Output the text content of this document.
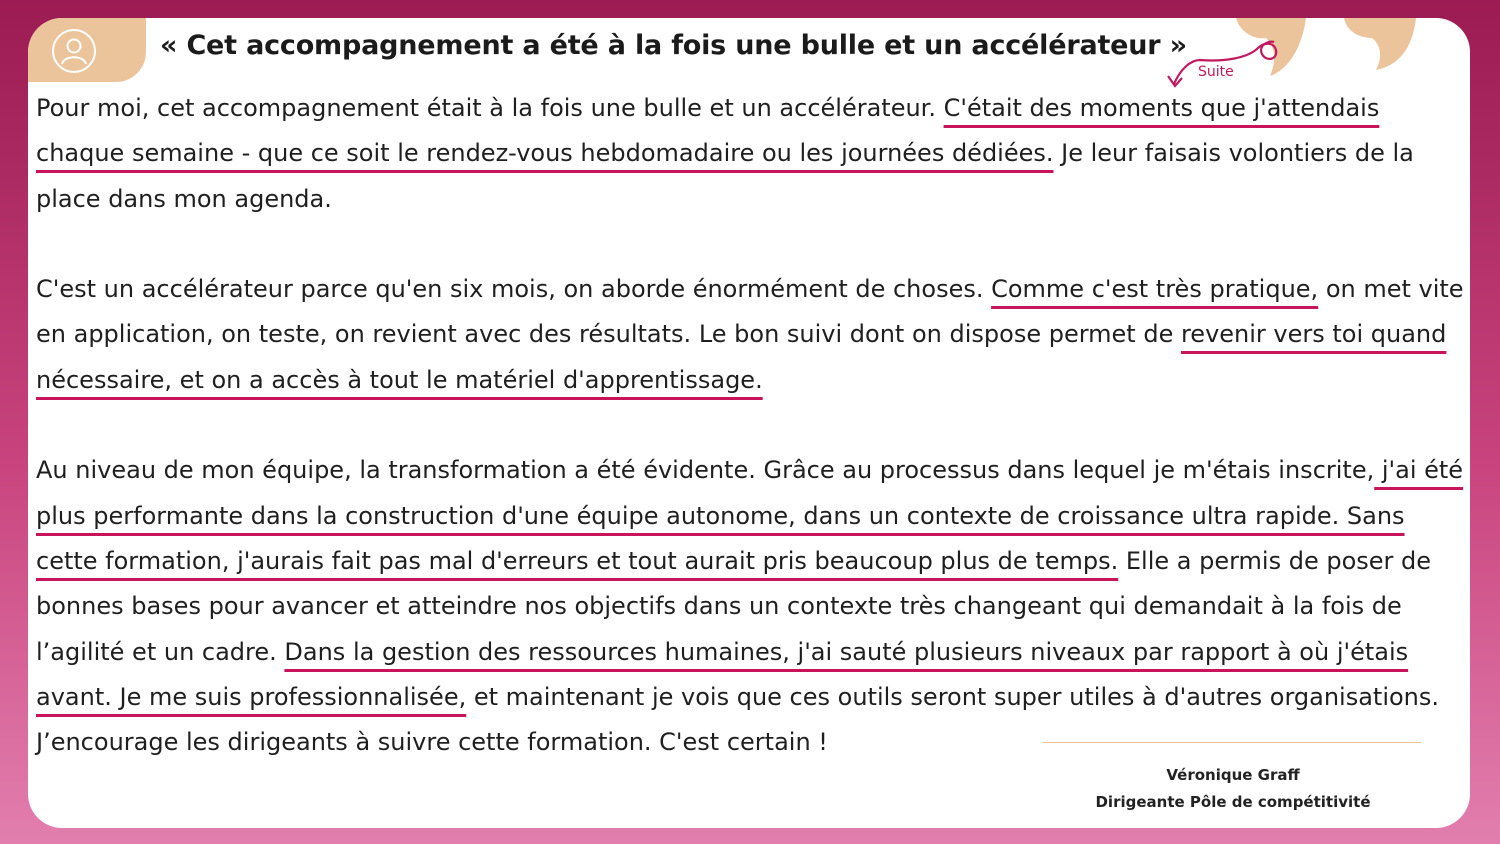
« Cet accompagnement a été à la fois une bulle et un accélérateur »
Suite

Pour moi, cet accompagnement était à la fois une bulle et un accélérateur. C'était des moments que j'attendais chaque semaine - que ce soit le rendez-vous hebdomadaire ou les journées dédiées. Je leur faisais volontiers de la place dans mon agenda.

C'est un accélérateur parce qu'en six mois, on aborde énormément de choses. Comme c'est très pratique, on met vite en application, on teste, on revient avec des résultats. Le bon suivi dont on dispose permet de revenir vers toi quand nécessaire, et on a accès à tout le matériel d'apprentissage.

Au niveau de mon équipe, la transformation a été évidente. Grâce au processus dans lequel je m'étais inscrite, j'ai été plus performante dans la construction d'une équipe autonome, dans un contexte de croissance ultra rapide. Sans cette formation, j'aurais fait pas mal d'erreurs et tout aurait pris beaucoup plus de temps. Elle a permis de poser de bonnes bases pour avancer et atteindre nos objectifs dans un contexte très changeant qui demandait à la fois de l’agilité et un cadre. Dans la gestion des ressources humaines, j'ai sauté plusieurs niveaux par rapport à où j'étais avant. Je me suis professionnalisée, et maintenant je vois que ces outils seront super utiles à d'autres organisations.
J’encourage les dirigeants à suivre cette formation. C'est certain !

Véronique Graff
Dirigeante Pôle de compétitivité
